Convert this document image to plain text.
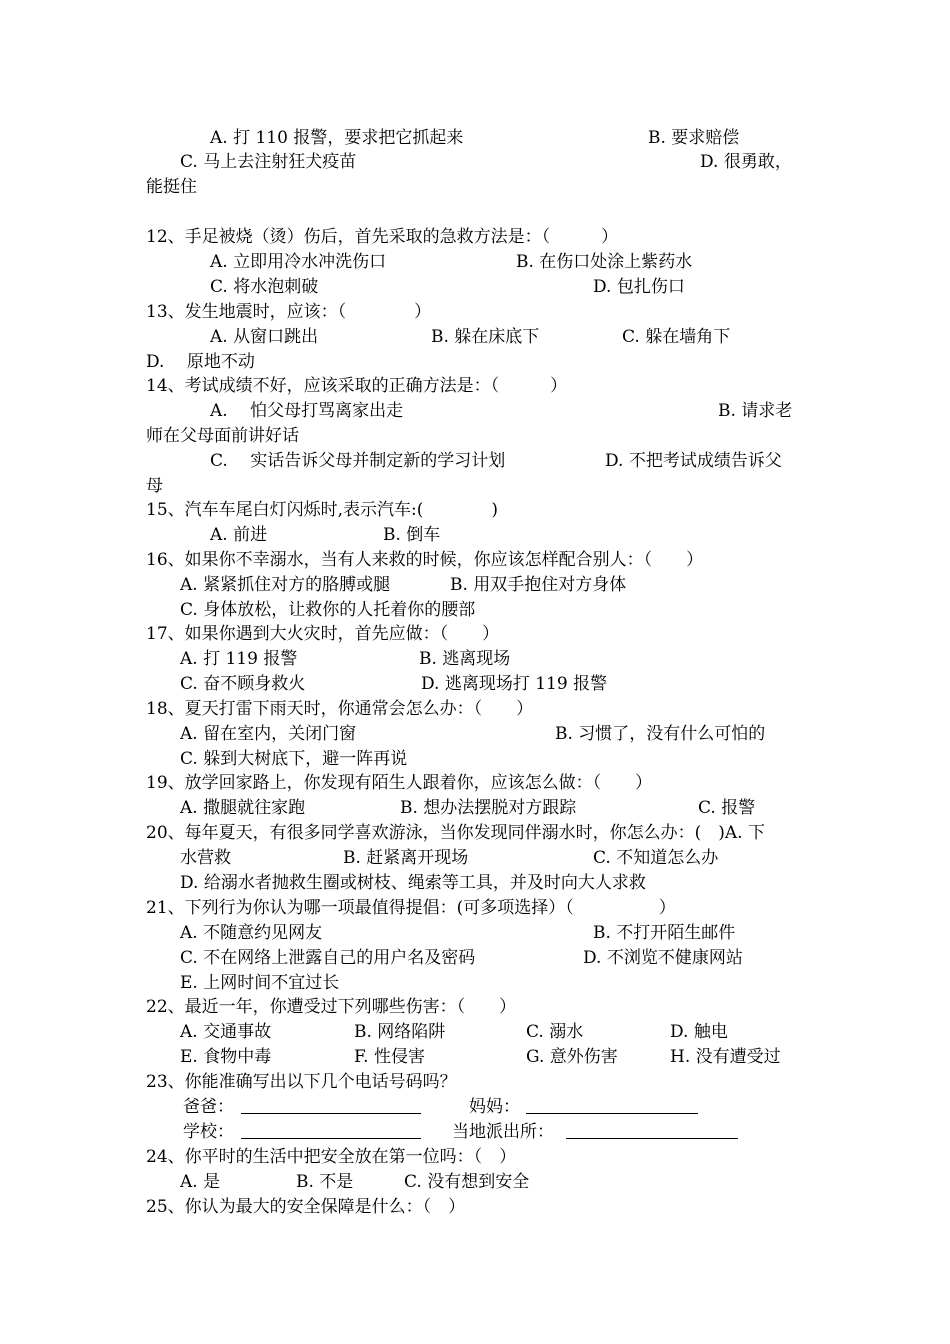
A. 打 110 报警，要求把它抓起来	B. 要求赔偿
C. 马上去注射狂犬疫苗	D. 很勇敢，
能挺住
12、手足被烧（烫）伤后，首先采取的急救方法是：（　　　）
A. 立即用冷水冲洗伤口	B. 在伤口处涂上紫药水
C. 将水泡刺破	D. 包扎伤口
13、发生地震时，应该：（　　　　）
A. 从窗口跳出	B. 躲在床底下	C. 躲在墙角下
D.　 原地不动
14、考试成绩不好，应该采取的正确方法是：（　　　）
A.　 怕父母打骂离家出走	B. 请求老
师在父母面前讲好话
C.　 实话告诉父母并制定新的学习计划	D. 不把考试成绩告诉父
母
15、汽车车尾白灯闪烁时,表示汽车:(　　　　)
A. 前进	B. 倒车
16、如果你不幸溺水，当有人来救的时候，你应该怎样配合别人：（　　）
A. 紧紧抓住对方的胳膊或腿	B. 用双手抱住对方身体
C. 身体放松，让救你的人托着你的腰部
17、如果你遇到大火灾时，首先应做：（　　）
A. 打 119 报警	B. 逃离现场
C. 奋不顾身救火	D. 逃离现场打 119 报警
18、夏天打雷下雨天时，你通常会怎么办：（　　）
A. 留在室内，关闭门窗	B. 习惯了，没有什么可怕的
C. 躲到大树底下，避一阵再说
19、放学回家路上，你发现有陌生人跟着你，应该怎么做：（　　）
A. 撒腿就往家跑	B. 想办法摆脱对方跟踪	C. 报警
20、每年夏天，有很多同学喜欢游泳，当你发现同伴溺水时，你怎么办：(　)A. 下
水营救	B. 赶紧离开现场	C. 不知道怎么办
D. 给溺水者抛救生圈或树枝、绳索等工具，并及时向大人求救
21、下列行为你认为哪一项最值得提倡：(可多项选择）（　　　　　）
A. 不随意约见网友	B. 不打开陌生邮件
C. 不在网络上泄露自己的用户名及密码	D. 不浏览不健康网站
E. 上网时间不宜过长
22、最近一年，你遭受过下列哪些伤害：（　　）
A. 交通事故	B. 网络陷阱	C. 溺水	D. 触电
E. 食物中毒	F. 性侵害	G. 意外伤害	H. 没有遭受过
23、你能准确写出以下几个电话号码吗？
爸爸：	妈妈：
学校：	当地派出所：
24、你平时的生活中把安全放在第一位吗：（　）
A. 是	B. 不是	C. 没有想到安全
25、你认为最大的安全保障是什么：（　）
